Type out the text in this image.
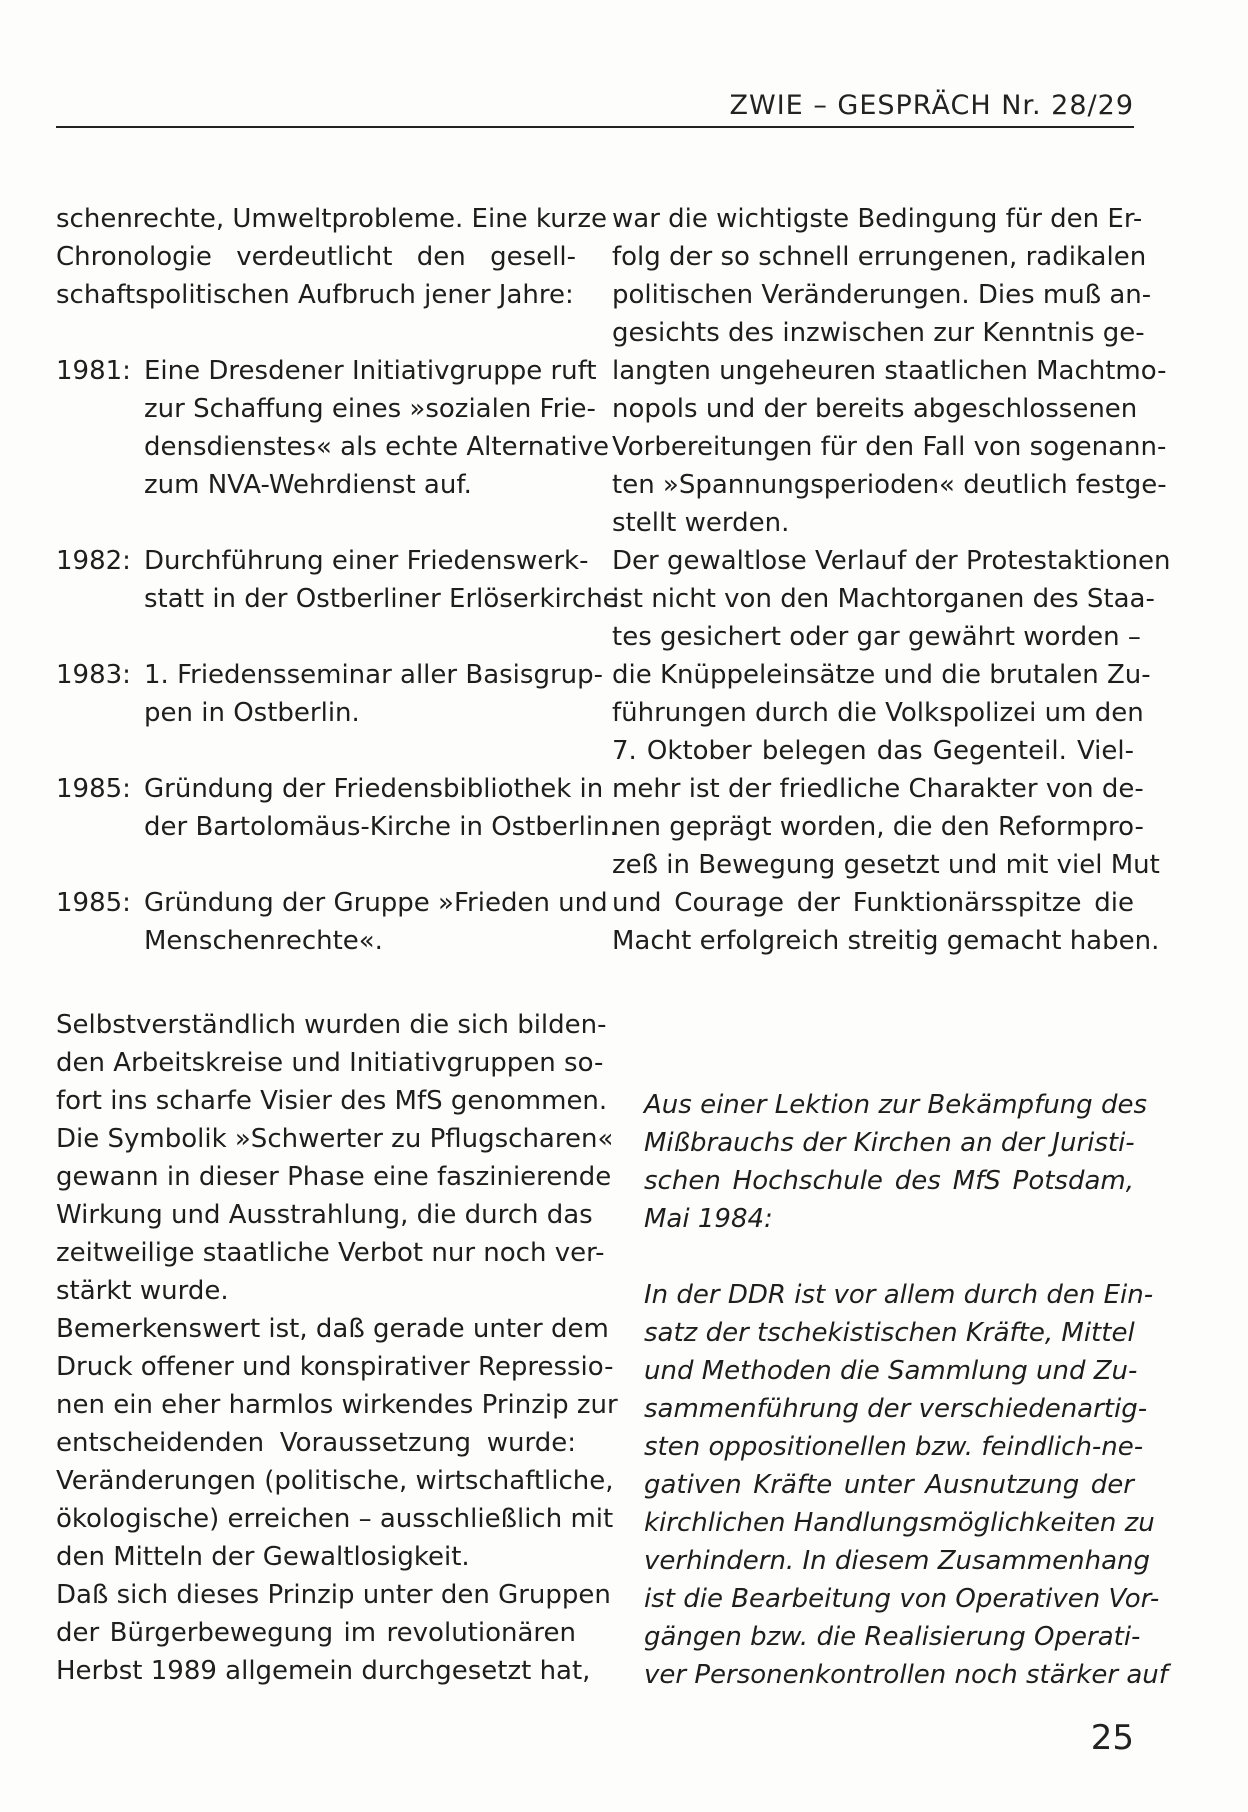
ZWIE – GESPRÄCH Nr. 28/29
schenrechte, Umweltprobleme. Eine kurze
Chronologie verdeutlicht den gesell-
schaftspolitischen Aufbruch jener Jahre:
1981: Eine Dresdener Initiativgruppe ruft
zur Schaffung eines »sozialen Frie-
densdienstes« als echte Alternative
zum NVA-Wehrdienst auf.
1982: Durchführung einer Friedenswerk-
statt in der Ostberliner Erlöserkirche.
1983: 1. Friedensseminar aller Basisgrup-
pen in Ostberlin.
1985: Gründung der Friedensbibliothek in
der Bartolomäus-Kirche in Ostberlin.
1985: Gründung der Gruppe »Frieden und
Menschenrechte«.
Selbstverständlich wurden die sich bilden-
den Arbeitskreise und Initiativgruppen so-
fort ins scharfe Visier des MfS genommen.
Die Symbolik »Schwerter zu Pflugscharen«
gewann in dieser Phase eine faszinierende
Wirkung und Ausstrahlung, die durch das
zeitweilige staatliche Verbot nur noch ver-
stärkt wurde.
Bemerkenswert ist, daß gerade unter dem
Druck offener und konspirativer Repressio-
nen ein eher harmlos wirkendes Prinzip zur
entscheidenden Voraussetzung wurde:
Veränderungen (politische, wirtschaftliche,
ökologische) erreichen – ausschließlich mit
den Mitteln der Gewaltlosigkeit.
Daß sich dieses Prinzip unter den Gruppen
der Bürgerbewegung im revolutionären
Herbst 1989 allgemein durchgesetzt hat,
war die wichtigste Bedingung für den Er-
folg der so schnell errungenen, radikalen
politischen Veränderungen. Dies muß an-
gesichts des inzwischen zur Kenntnis ge-
langten ungeheuren staatlichen Machtmo-
nopols und der bereits abgeschlossenen
Vorbereitungen für den Fall von sogenann-
ten »Spannungsperioden« deutlich festge-
stellt werden.
Der gewaltlose Verlauf der Protestaktionen
ist nicht von den Machtorganen des Staa-
tes gesichert oder gar gewährt worden –
die Knüppeleinsätze und die brutalen Zu-
führungen durch die Volkspolizei um den
7. Oktober belegen das Gegenteil. Viel-
mehr ist der friedliche Charakter von de-
nen geprägt worden, die den Reformpro-
zeß in Bewegung gesetzt und mit viel Mut
und Courage der Funktionärsspitze die
Macht erfolgreich streitig gemacht haben.
Aus einer Lektion zur Bekämpfung des
Mißbrauchs der Kirchen an der Juristi-
schen Hochschule des MfS Potsdam,
Mai 1984:
In der DDR ist vor allem durch den Ein-
satz der tschekistischen Kräfte, Mittel
und Methoden die Sammlung und Zu-
sammenführung der verschiedenartig-
sten oppositionellen bzw. feindlich-ne-
gativen Kräfte unter Ausnutzung der
kirchlichen Handlungsmöglichkeiten zu
verhindern. In diesem Zusammenhang
ist die Bearbeitung von Operativen Vor-
gängen bzw. die Realisierung Operati-
ver Personenkontrollen noch stärker auf
25
